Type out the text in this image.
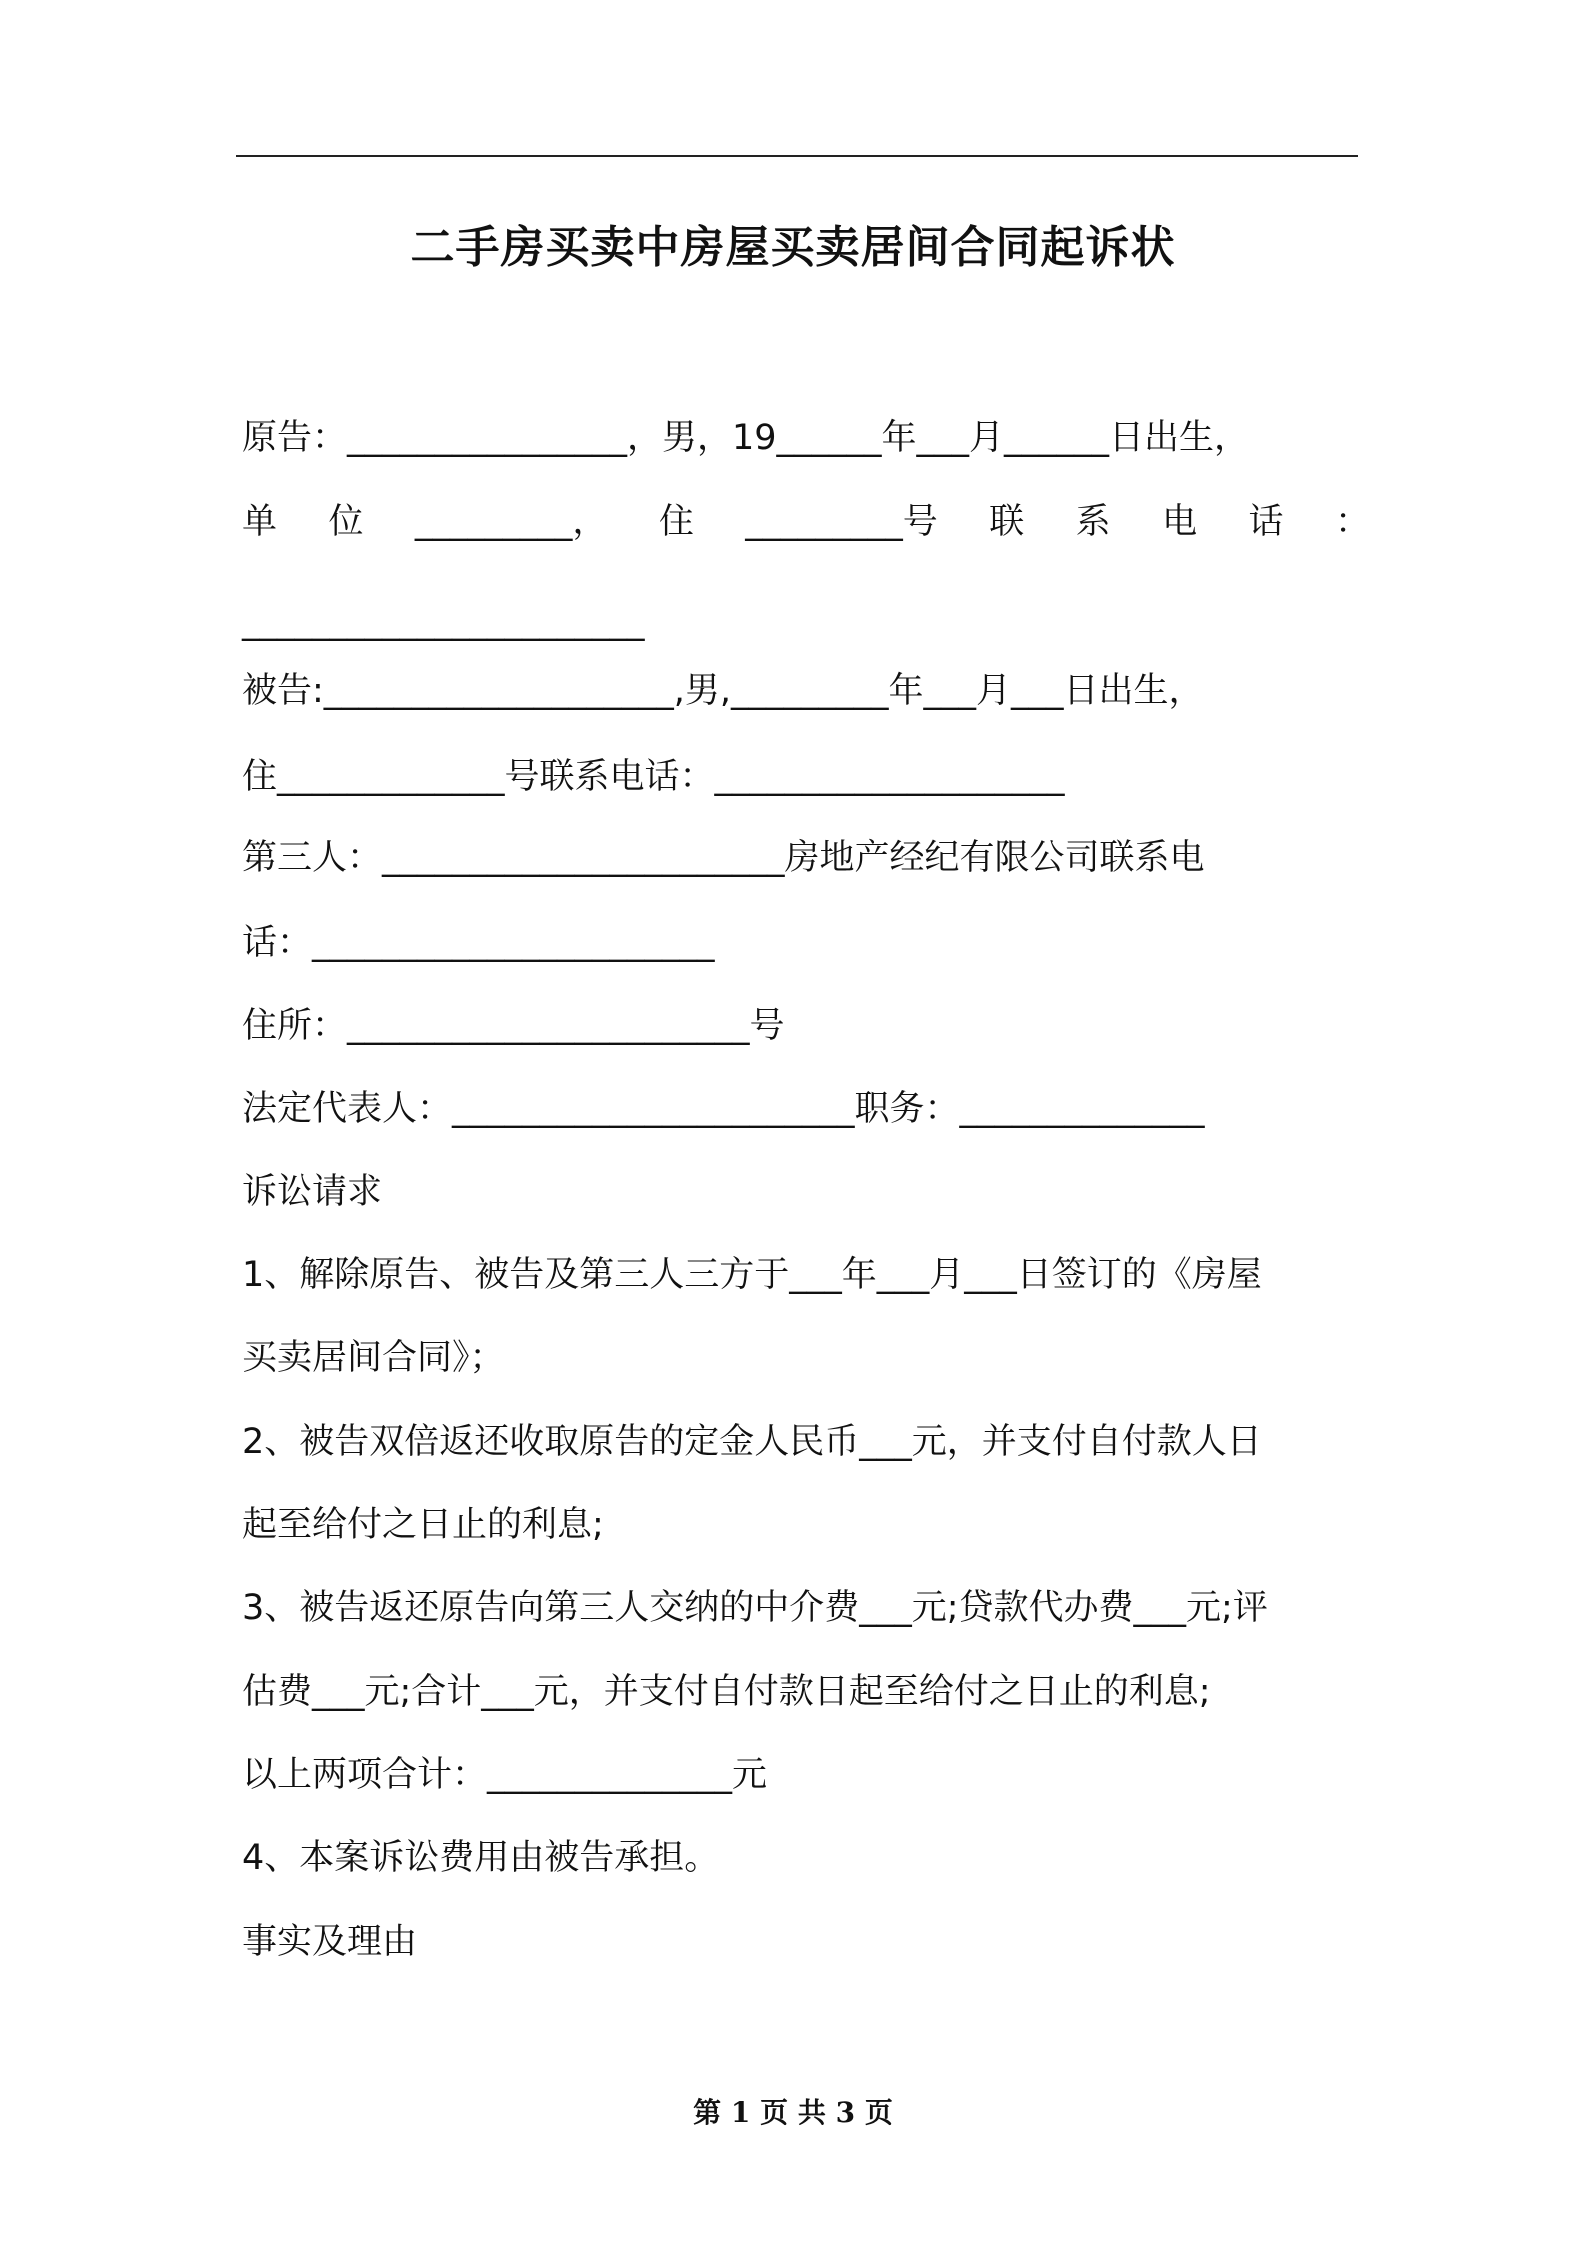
二手房买卖中房屋买卖居间合同起诉状
原告：________________，男，19______年___月______日出生，
单 位 _________， 住 _________号 联 系 电 话 ：
_______________________
被告:____________________,男,_________年___月___日出生，
住_____________号联系电话：____________________
第三人：_______________________房地产经纪有限公司联系电
话：_______________________
住所：_______________________号
法定代表人：_______________________职务：______________
诉讼请求
1、解除原告、被告及第三人三方于___年___月___日签订的《房屋
买卖居间合同》；
2、被告双倍返还收取原告的定金人民币___元，并支付自付款人日
起至给付之日止的利息;
3、被告返还原告向第三人交纳的中介费___元;贷款代办费___元;评
估费___元;合计___元，并支付自付款日起至给付之日止的利息;
以上两项合计：______________元
4、本案诉讼费用由被告承担。
事实及理由
第 1 页 共 3 页
